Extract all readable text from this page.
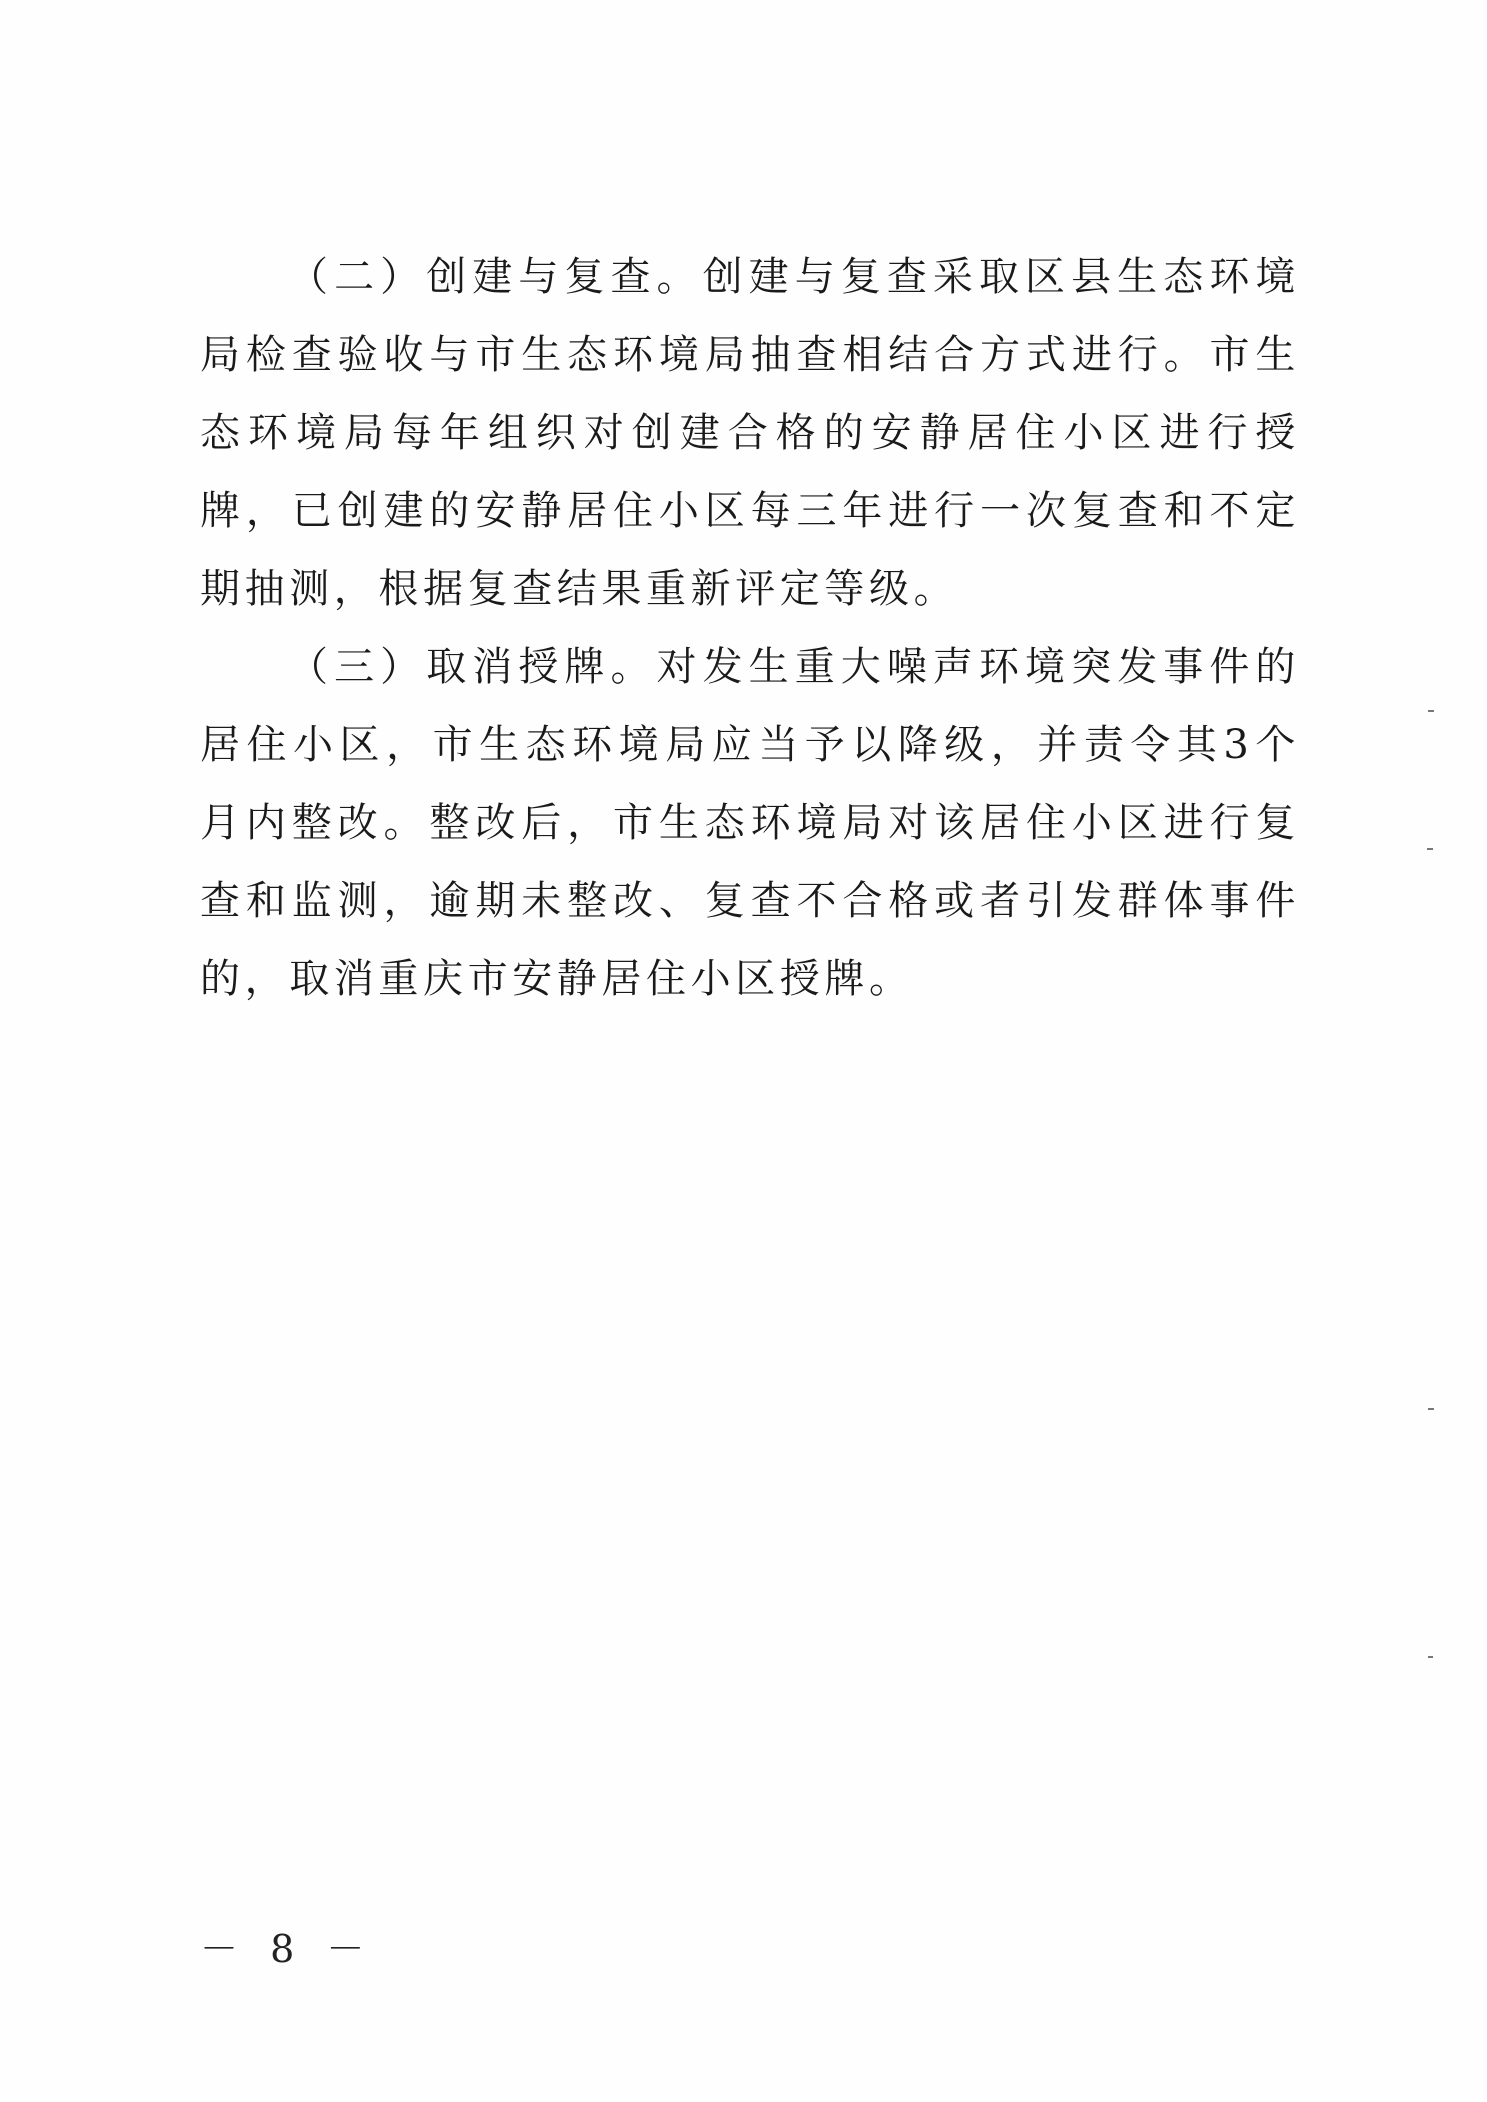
（二）创建与复查。创建与复查采取区县生态环境局检查验收与市生态环境局抽查相结合方式进行。市生态环境局每年组织对创建合格的安静居住小区进行授牌，已创建的安静居住小区每三年进行一次复查和不定期抽测，根据复查结果重新评定等级。

（三）取消授牌。对发生重大噪声环境突发事件的居住小区，市生态环境局应当予以降级，并责令其3个月内整改。整改后，市生态环境局对该居住小区进行复查和监测，逾期未整改、复查不合格或者引发群体事件的，取消重庆市安静居住小区授牌。

－ 8 －
